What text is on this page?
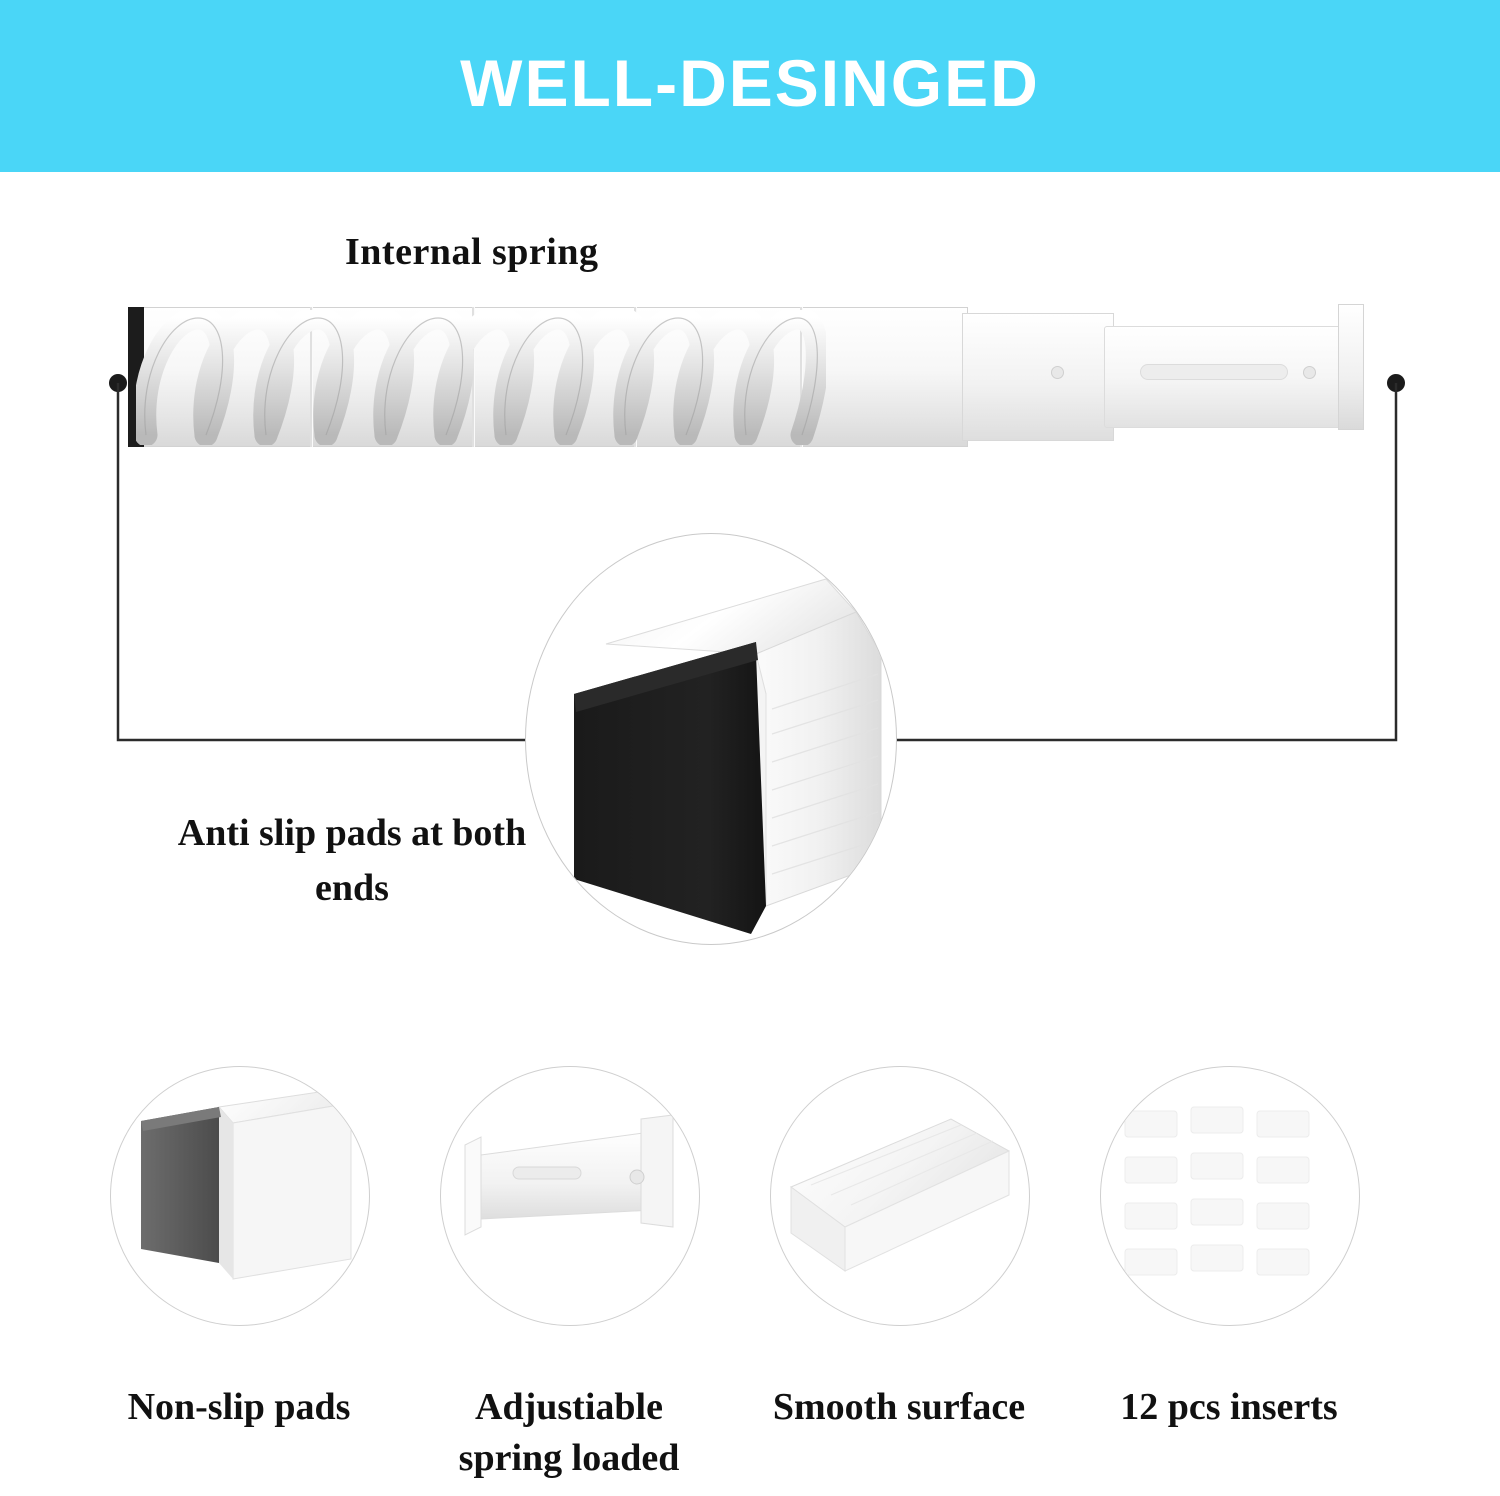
WELL-DESINGED
Internal spring
Anti slip pads at both ends
Non-slip pads	Adjustiable spring loaded
Smooth surface	12 pcs inserts
